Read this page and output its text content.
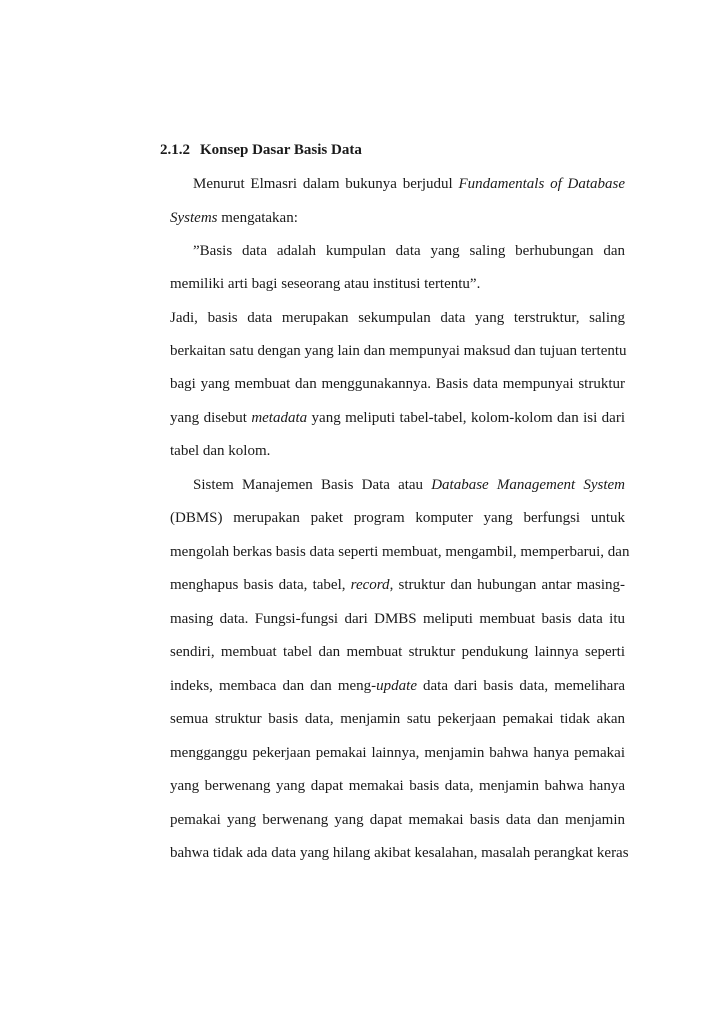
2.1.2 Konsep Dasar Basis Data
Menurut Elmasri dalam bukunya berjudul Fundamentals of Database
Systems mengatakan:
”Basis data adalah kumpulan data yang saling berhubungan dan
memiliki arti bagi seseorang atau institusi tertentu”.
Jadi, basis data merupakan sekumpulan data yang terstruktur, saling
berkaitan satu dengan yang lain dan mempunyai maksud dan tujuan tertentu
bagi yang membuat dan menggunakannya. Basis data mempunyai struktur
yang disebut metadata yang meliputi tabel-tabel, kolom-kolom dan isi dari
tabel dan kolom.
Sistem Manajemen Basis Data atau Database Management System
(DBMS) merupakan paket program komputer yang berfungsi untuk
mengolah berkas basis data seperti membuat, mengambil, memperbarui, dan
menghapus basis data, tabel, record, struktur dan hubungan antar masing-
masing data. Fungsi-fungsi dari DMBS meliputi membuat basis data itu
sendiri, membuat tabel dan membuat struktur pendukung lainnya seperti
indeks, membaca dan dan meng-update data dari basis data, memelihara
semua struktur basis data, menjamin satu pekerjaan pemakai tidak akan
mengganggu pekerjaan pemakai lainnya, menjamin bahwa hanya pemakai
yang berwenang yang dapat memakai basis data, menjamin bahwa hanya
pemakai yang berwenang yang dapat memakai basis data dan menjamin
bahwa tidak ada data yang hilang akibat kesalahan, masalah perangkat keras
